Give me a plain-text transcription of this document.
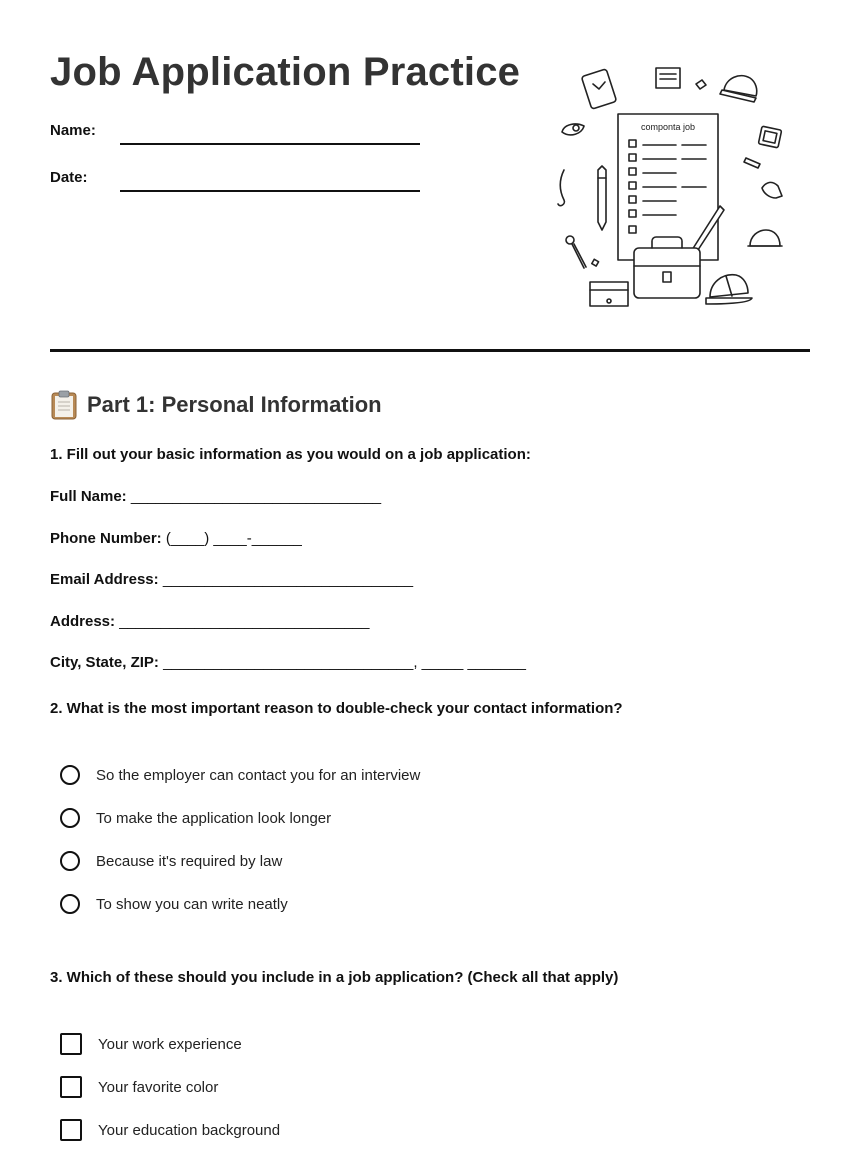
Job Application Practice
Name:
Date:
componta job
Part 1: Personal Information
1. Fill out your basic information as you would on a job application:
Full Name: ______________________________
Phone Number: (____) ____-______
Email Address: ______________________________
Address: ______________________________
City, State, ZIP: ______________________________, _____ _______
2. What is the most important reason to double-check your contact information?
So the employer can contact you for an interview
To make the application look longer
Because it's required by law
To show you can write neatly
3. Which of these should you include in a job application? (Check all that apply)
Your work experience
Your favorite color
Your education background
